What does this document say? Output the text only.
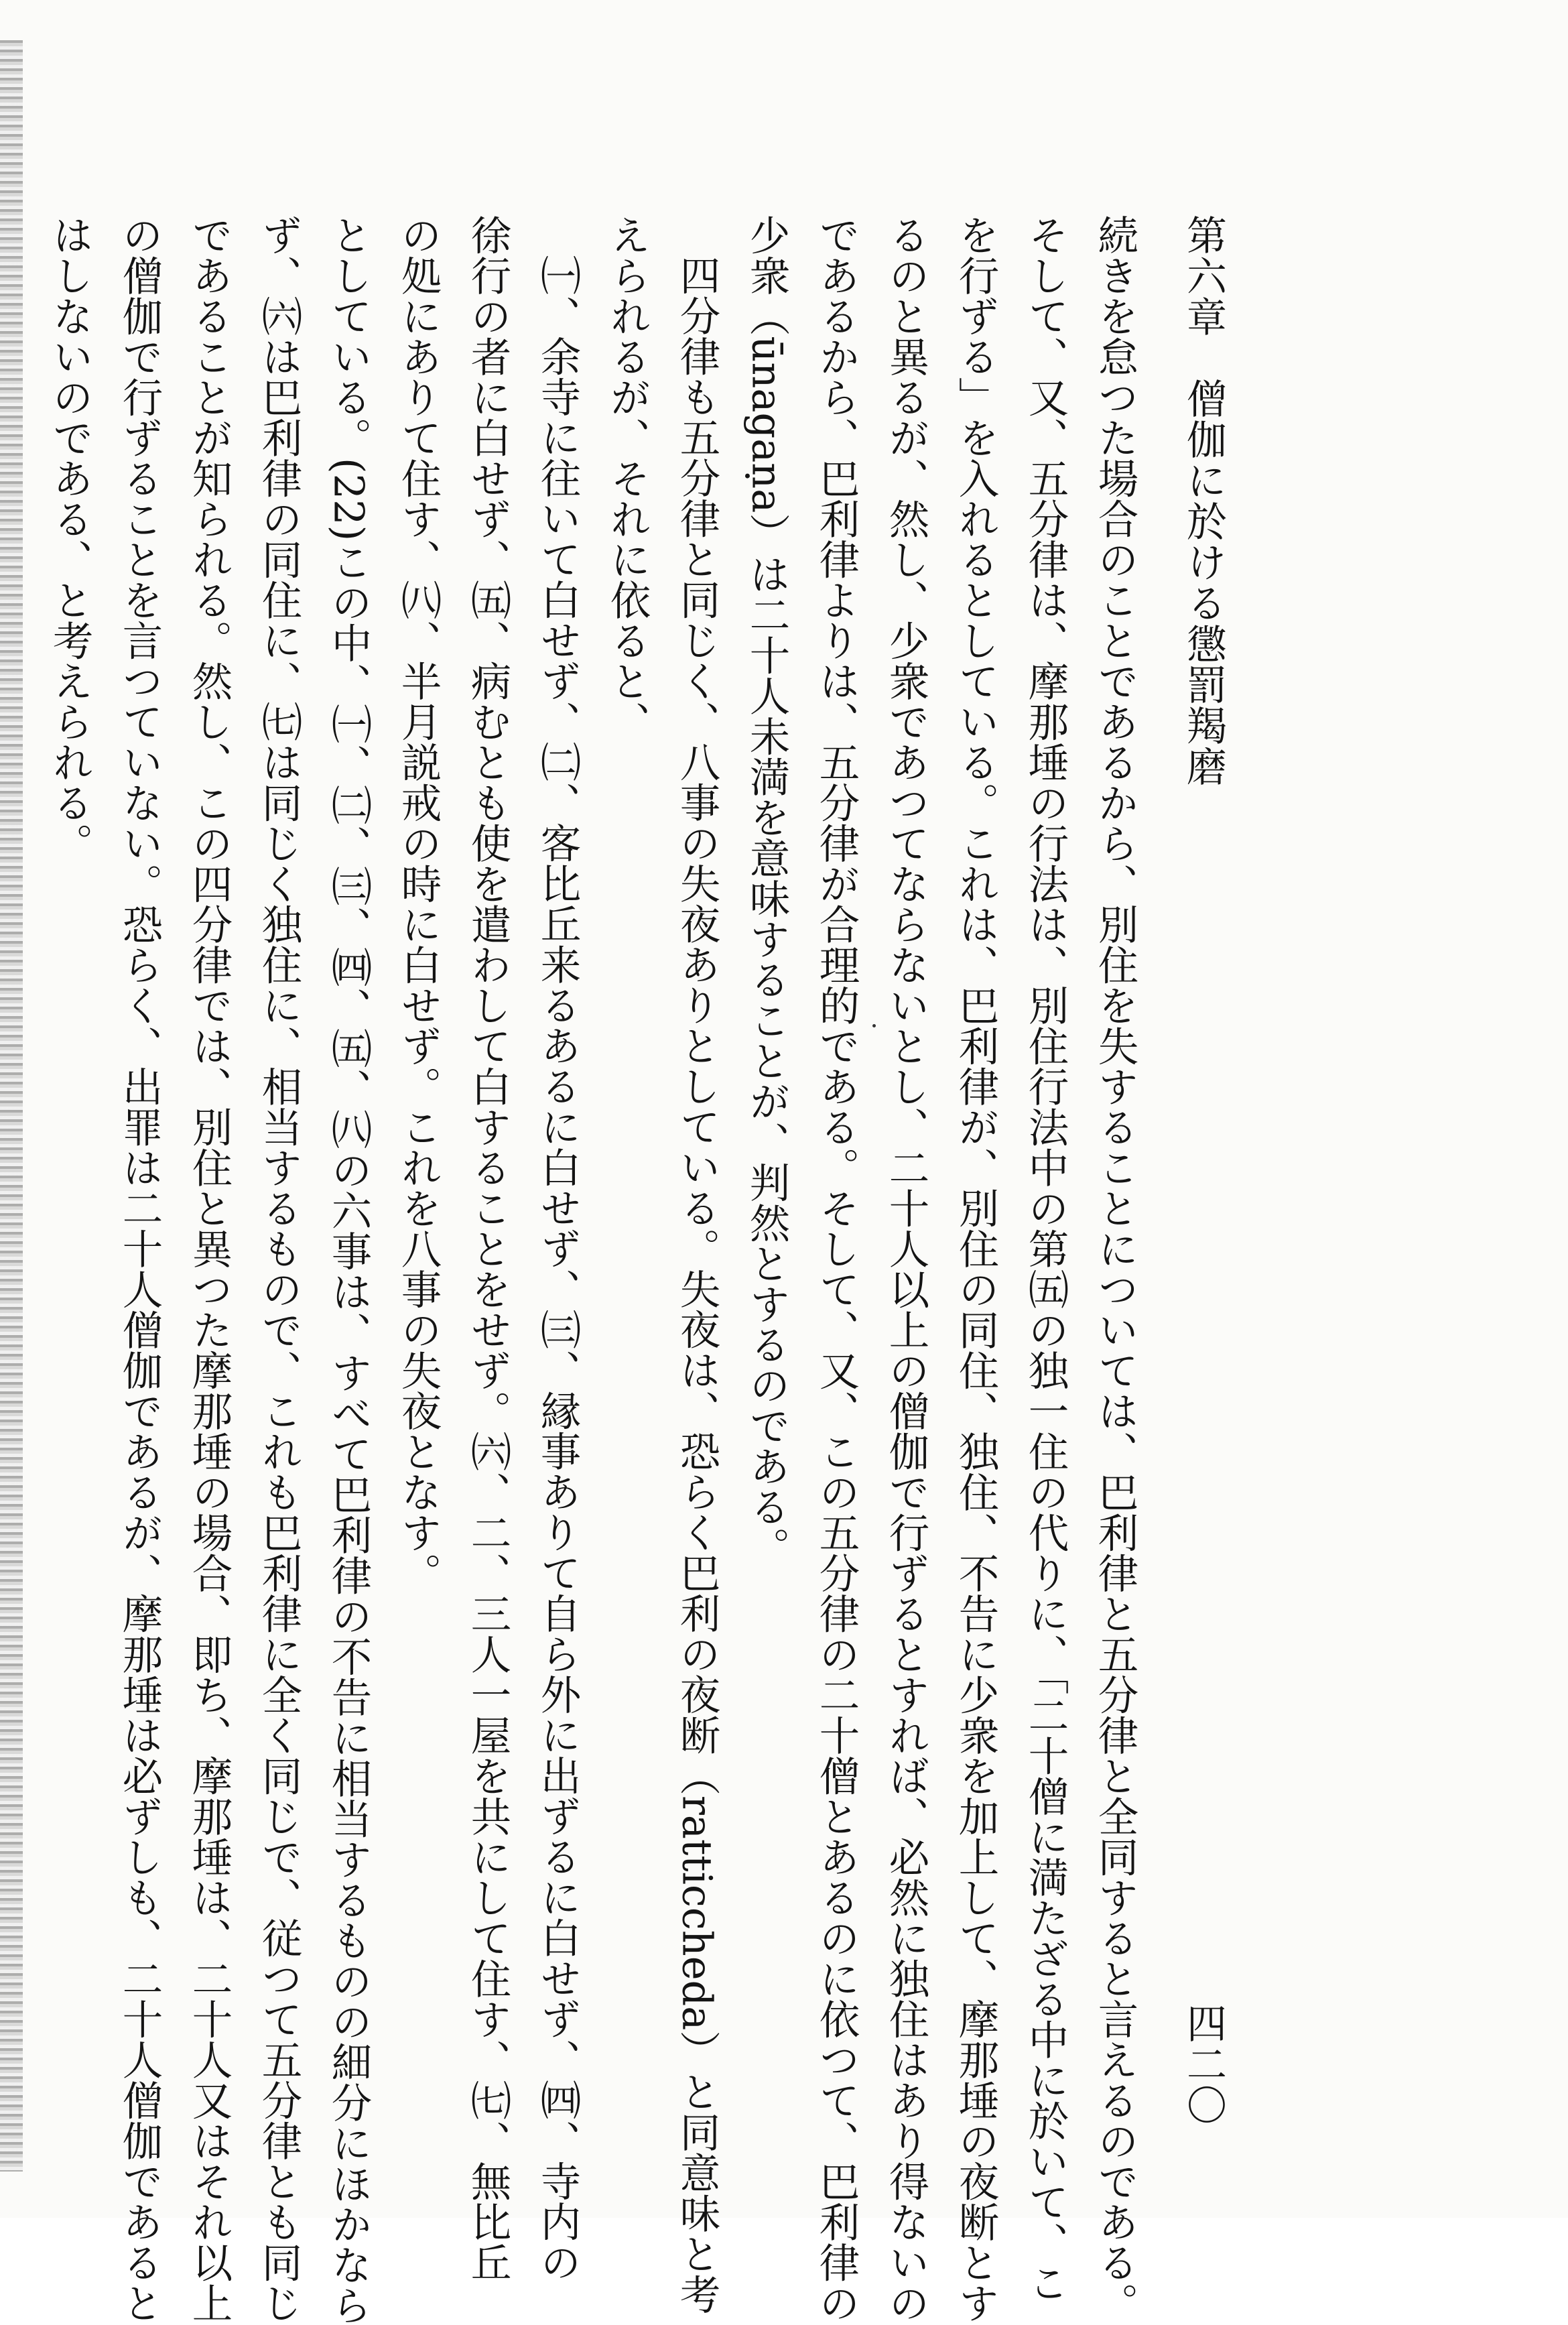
第六章　僧伽に於ける懲罰羯磨
四二〇
続きを怠つた場合のことであるから、別住を失することについては、巴利律と五分律と全同すると言えるのである。
そして、又、五分律は、摩那埵の行法は、別住行法中の第㈤の独一住の代りに、「二十僧に満たざる中に於いて、こ
を行ずる」を入れるとしている。これは、巴利律が、別住の同住、独住、不告に少衆を加上して、摩那埵の夜断とす
るのと異るが、然し、少衆であつてならないとし、二十人以上の僧伽で行ずるとすれば、必然に独住はあり得ないの
であるから、巴利律よりは、五分律が合理的である。そして、又、この五分律の二十僧とあるのに依つて、巴利律の
少衆（ūnagaṇa）は二十人未満を意味することが、判然とするのである。
四分律も五分律と同じく、八事の失夜ありとしている。失夜は、恐らく巴利の夜断（ratticcheda）と同意味と考
えられるが、それに依ると、
㈠、余寺に往いて白せず、㈡、客比丘来るあるに白せず、㈢、縁事ありて自ら外に出ずるに白せず、㈣、寺内の
徐行の者に白せず、㈤、病むとも使を遣わして白することをせず。㈥、二、三人一屋を共にして住す、㈦、無比丘
の処にありて住す、㈧、半月説戒の時に白せず。これを八事の失夜となす。
としている。(22)この中、㈠、㈡、㈢、㈣、㈤、㈧の六事は、すべて巴利律の不告に相当するものの細分にほかなら
ず、㈥は巴利律の同住に、㈦は同じく独住に、相当するもので、これも巴利律に全く同じで、従つて五分律とも同じ
であることが知られる。然し、この四分律では、別住と異つた摩那埵の場合、即ち、摩那埵は、二十人又はそれ以上
の僧伽で行ずることを言つていない。恐らく、出罪は二十人僧伽であるが、摩那埵は必ずしも、二十人僧伽であると
はしないのである、と考えられる。
